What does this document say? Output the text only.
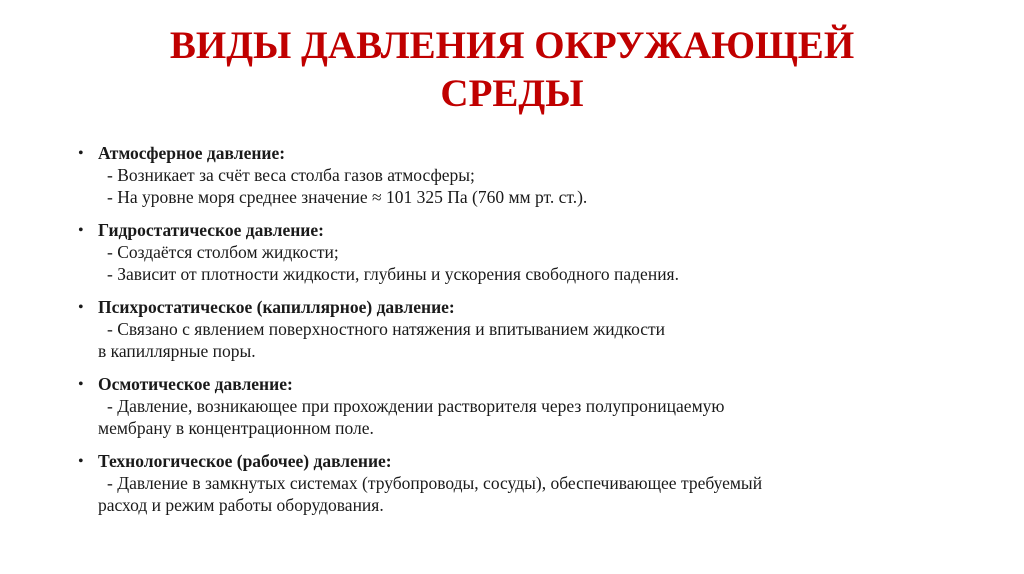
ВИДЫ ДАВЛЕНИЯ ОКРУЖАЮЩЕЙ
СРЕДЫ
• Атмосферное давление:
- Возникает за счёт веса столба газов атмосферы;
- На уровне моря среднее значение ≈ 101 325 Па (760 мм рт. ст.).
• Гидростатическое давление:
- Создаётся столбом жидкости;
- Зависит от плотности жидкости, глубины и ускорения свободного падения.
• Психростатическое (капиллярное) давление:
- Связано с явлением поверхностного натяжения и впитыванием жидкости
в капиллярные поры.
• Осмотическое давление:
- Давление, возникающее при прохождении растворителя через полупроницаемую
мембрану в концентрационном поле.
• Технологическое (рабочее) давление:
- Давление в замкнутых системах (трубопроводы, сосуды), обеспечивающее требуемый
расход и режим работы оборудования.
